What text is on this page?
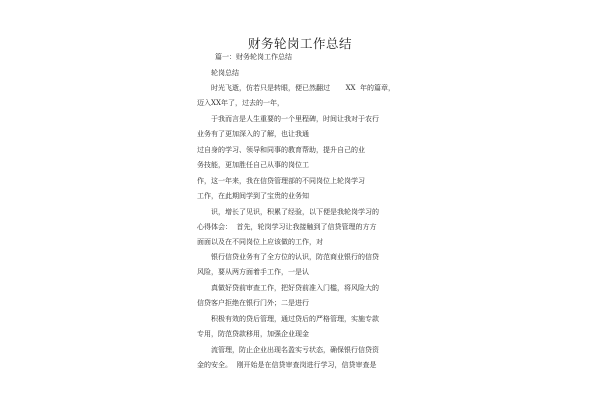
财务轮岗工作总结
篇一：财务轮岗工作总结
轮岗总结
时光飞逝，仿若只是转眼，便已然翻过       XX  年的篇章，
迈入XX年了，过去的一年，
于我而言是人生重要的一个里程碑，时间让我对于农行
业务有了更加深入的了解，也让我通
过自身的学习、领导和同事的教育帮助，提升自己的业
务技能，更加胜任自己从事的岗位工
作，这一年来，我在信贷管理部的不同岗位上轮岗学习
工作，在此期间学到了宝贵的业务知
识，增长了见识，积累了经验，以下便是我轮岗学习的
心得体会：  首先，轮岗学习让我接触到了信贷管理的方方
面面以及在不同岗位上应该做的工作，对
银行信贷业务有了全方位的认识，防范商业银行的信贷
风险，要从两方面着手工作，一是认
真做好贷前审查工作，把好贷前准入门槛，将风险大的
信贷客户拒绝在银行门外；二是进行
积极有效的贷后管理，通过贷后的严格管理，实施专款
专用，防范贷款移用，加强企业现金
流管理，防止企业出现名盈实亏状态，确保银行信贷资
金的安全。  刚开始是在信贷审查岗进行学习，信贷审查是
